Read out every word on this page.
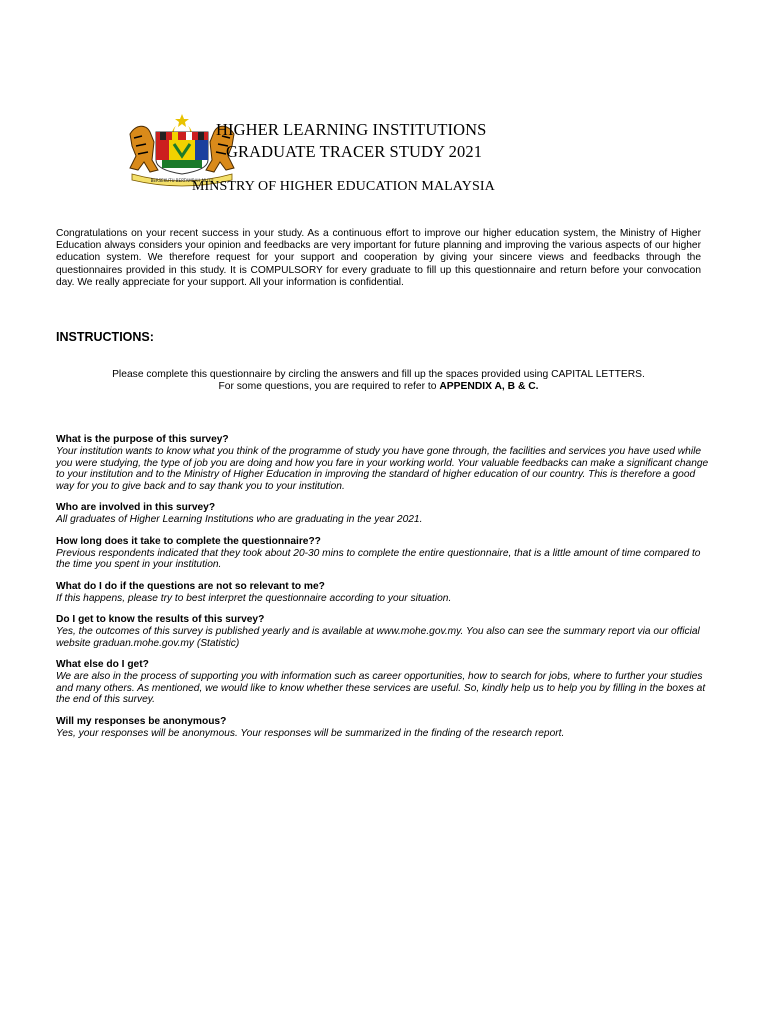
BERSEKUTU BERTAMBAH MUTU
HIGHER LEARNING INSTITUTIONS
GRADUATE TRACER STUDY 2021
MINSTRY OF HIGHER EDUCATION MALAYSIA
Congratulations on your recent success in your study. As a continuous effort to improve our higher education system, the Ministry of Higher Education always considers your opinion and feedbacks are very important for future planning and improving the various aspects of our higher education system. We therefore request for your support and cooperation by giving your sincere views and feedbacks through the questionnaires provided in this study. It is COMPULSORY for every graduate to fill up this questionnaire and return before your convocation day. We really appreciate for your support. All your information is confidential.
INSTRUCTIONS:
Please complete this questionnaire by circling the answers and fill up the spaces provided using CAPITAL LETTERS.
For some questions, you are required to refer to APPENDIX A, B & C.
What is the purpose of this survey?
Your institution wants to know what you think of the programme of study you have gone through, the facilities and services you have used while you were studying, the type of job you are doing and how you fare in your working world. Your valuable feedbacks can make a significant change to your institution and to the Ministry of Higher Education in improving the standard of higher education of our country. This is therefore a good way for you to give back and to say thank you to your institution.
Who are involved in this survey?
All graduates of Higher Learning Institutions who are graduating in the year 2021.
How long does it take to complete the questionnaire??
Previous respondents indicated that they took about 20-30 mins to complete the entire questionnaire, that is a little amount of time compared to the time you spent in your institution.
What do I do if the questions are not so relevant to me?
If this happens, please try to best interpret the questionnaire according to your situation.
Do I get to know the results of this survey?
Yes, the outcomes of this survey is published yearly and is available at www.mohe.gov.my. You also can see the summary report via our official website graduan.mohe.gov.my (Statistic)
What else do I get?
We are also in the process of supporting you with information such as career opportunities, how to search for jobs, where to further your studies and many others. As mentioned, we would like to know whether these services are useful. So, kindly help us to help you by filling in the boxes at the end of this survey.
Will my responses be anonymous?
Yes, your responses will be anonymous. Your responses will be summarized in the finding of the research report.
